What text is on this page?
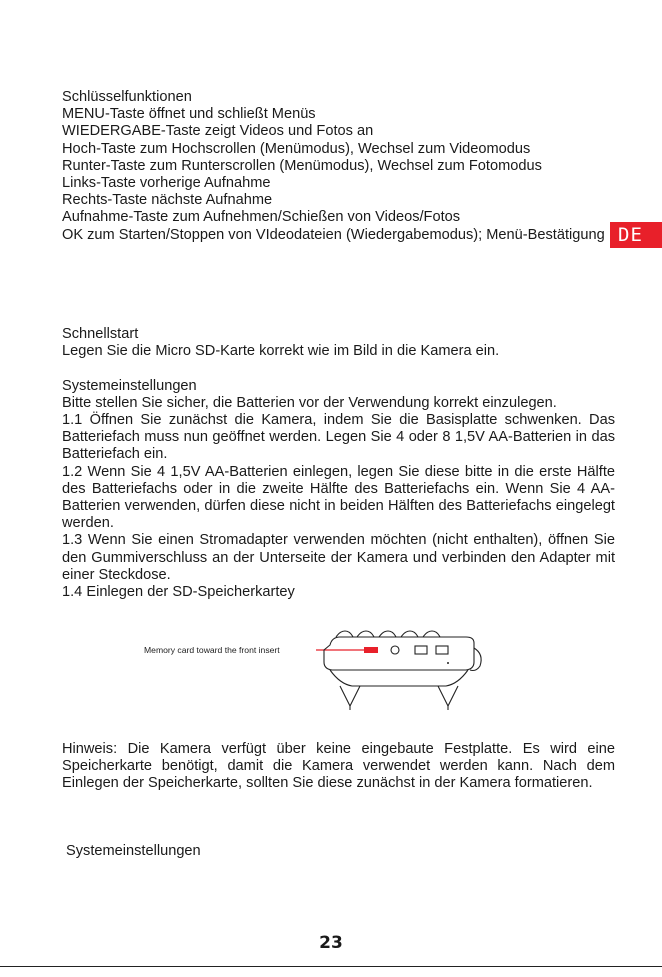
DE

Schlüsselfunktionen

MENU-Taste öffnet und schließt Menüs

WIEDERGABE-Taste zeigt Videos und Fotos an

Hoch-Taste zum Hochscrollen (Menümodus), Wechsel zum Videomodus

Runter-Taste zum Runterscrollen (Menümodus), Wechsel zum Fotomodus

Links-Taste vorherige Aufnahme

Rechts-Taste nächste Aufnahme

Aufnahme-Taste zum Aufnehmen/Schießen von Videos/Fotos

OK zum Starten/Stoppen von VIdeodateien (Wiedergabemodus); Menü-Bestätigung

Schnellstart

Legen Sie die Micro SD-Karte korrekt wie im Bild in die Kamera ein.

Systemeinstellungen

Bitte stellen Sie sicher, die Batterien vor der Verwendung korrekt einzulegen.

1.1 Öffnen Sie zunächst die Kamera, indem Sie die Basisplatte schwenken. Das Batteriefach muss nun geöffnet werden. Legen Sie 4 oder 8 1,5V AA-Batterien in das Batteriefach ein.

1.2 Wenn Sie 4 1,5V AA-Batterien einlegen, legen Sie diese bitte in die erste Hälfte des Batteriefachs oder in die zweite Hälfte des Batteriefachs ein. Wenn Sie 4 AA-Batterien verwenden, dürfen diese nicht in beiden Hälften des Batteriefachs eingelegt werden.

1.3 Wenn Sie einen Stromadapter verwenden möchten (nicht enthalten), öffnen Sie den Gummiverschluss an der Unterseite der Kamera und verbinden den Adapter mit einer Steckdose.

1.4 Einlegen der SD-Speicherkartey

Memory card toward the front insert

Hinweis: Die Kamera verfügt über keine eingebaute Festplatte. Es wird eine Speicherkarte benötigt, damit die Kamera verwendet werden kann. Nach dem Einlegen der Speicherkarte, sollten Sie diese zunächst in der Kamera formatieren.

Systemeinstellungen
23
